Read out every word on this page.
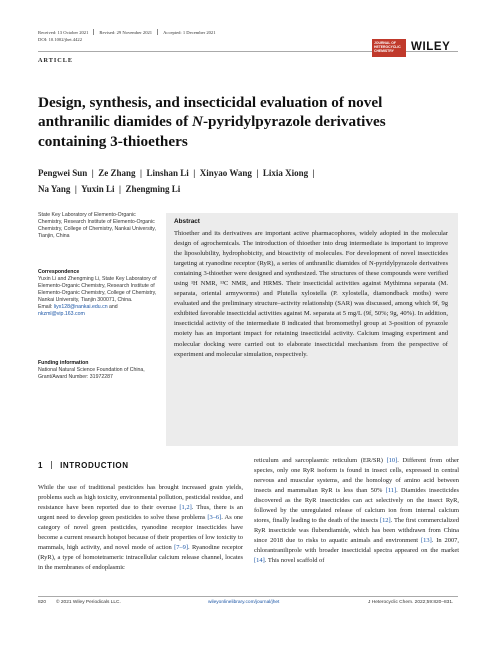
Received: 13 October 2021 Revised: 29 November 2021 Accepted: 1 December 2021
DOI: 10.1002/jhet.4422
ARTICLE
JOURNAL OF HETEROCYCLIC CHEMISTRY	WILEY
Design, synthesis, and insecticidal evaluation of novel
anthranilic diamides of N-pyridylpyrazole derivatives
containing 3-thioethers
Pengwei Sun  |  Ze Zhang  |  Linshan Li  |  Xinyao Wang  |  Lixia Xiong  |
Na Yang  |  Yuxin Li  |  Zhengming Li
State Key Laboratory of Elemento-Organic Chemistry, Research Institute of Elemento-Organic Chemistry, College of Chemistry, Nankai University, Tianjin, China
Correspondence
Yuxin Li and Zhengming Li, State Key Laboratory of Elemento-Organic Chemistry, Research Institute of Elemento-Organic Chemistry, College of Chemistry, Nankai University, Tianjin 300071, China.
Email: liyx128@nankai.edu.cn and
nkzml@vip.163.com
Funding information
National Natural Science Foundation of China, Grant/Award Number: 31972287
Abstract
Thioether and its derivatives are important active pharmacophores, widely adopted in the molecular design of agrochemicals. The introduction of thioether into drug intermediate is important to improve the liposolubility, hydrophobicity, and bioactivity of molecules. For development of novel insecticides targeting at ryanodine receptor (RyR), a series of anthranilic diamides of N-pyridylpyrazole derivatives containing 3-thioether were designed and synthesized. The structures of these compounds were verified using ¹H NMR, ¹³C NMR, and HRMS. Their insecticidal activities against Mythimna separata (M. separata, oriental armyworms) and Plutella xylostella (P. xylostella, diamondback moths) were evaluated and the preliminary structure–activity relationship (SAR) was discussed, among which 9f, 9g exhibited favorable insecticidal activities against M. separata at 5 mg/L (9f, 50%; 9g, 40%). In addition, insecticidal activity of the intermediate 8 indicated that bromomethyl group at 3-position of pyrazole moiety has an important impact for retaining insecticidal activity. Calcium imaging experiment and molecular docking were carried out to elaborate insecticidal mechanism from the perspective of experiment and molecular simulation, respectively.
1 INTRODUCTION
While the use of traditional pesticides has brought increased grain yields, problems such as high toxicity, environmental pollution, pesticidal residue, and resistance have been reported due to their overuse [1,2]. Thus, there is an urgent need to develop green pesticides to solve these problems [3–6]. As one category of novel green pesticides, ryanodine receptor insecticides have become a current research hotspot because of their properties of low toxicity to mammals, high activity, and novel mode of action [7–9]. Ryanodine receptor (RyR), a type of homotetrameric intracellular calcium release channel, locates in the membranes of endoplasmic
reticulum and sarcoplasmic reticulum (ER/SR) [10]. Different from other species, only one RyR isoform is found in insect cells, expressed in central nervous and muscular systems, and the homology of amino acid between insects and mammalian RyR is less than 50% [11]. Diamides insecticides discovered as the RyR insecticides can act selectively on the insect RyR, followed by the unregulated release of calcium ion from internal calcium stores, finally leading to the death of the insects [12]. The first commercialized RyR insecticide was flubendiamide, which has been withdrawn from China since 2018 due to risks to aquatic animals and environment [13]. In 2007, chlorantraniliprole with broader insecticidal spectra appeared on the market [14]. This novel scaffold of
820 © 2021 Wiley Periodicals LLC.	wileyonlinelibrary.com/journal/jhet	J Heterocyclic Chem. 2022;59:820–831.
